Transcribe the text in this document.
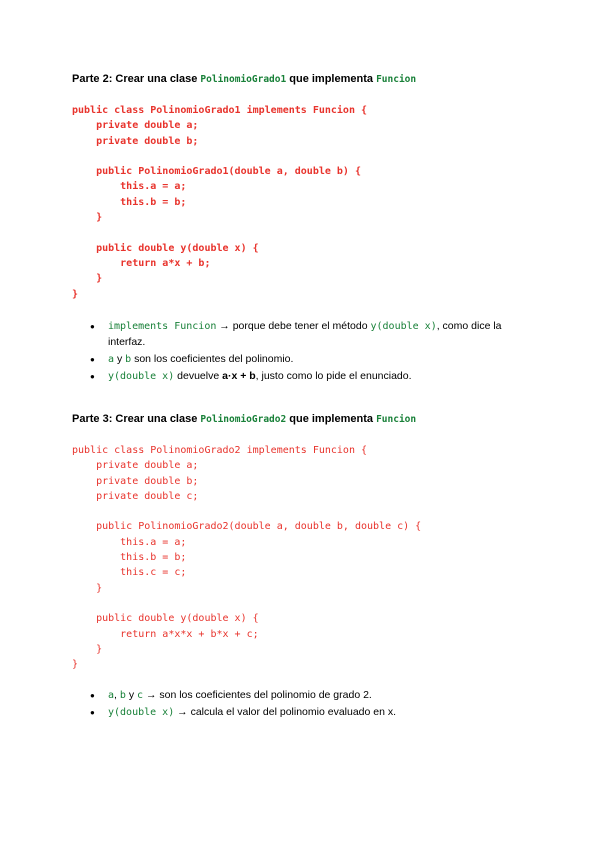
Parte 2: Crear una clase PolinomioGrado1 que implementa Funcion
public class PolinomioGrado1 implements Funcion {
private double a;
private double b;

public PolinomioGrado1(double a, double b) {
this.a = a;
this.b = b;
}

public double y(double x) {
return a*x + b;
}
}
● implements Funcion → porque debe tener el método y(double x), como dice la interfaz.
● a y b son los coeficientes del polinomio.
● y(double x) devuelve a·x + b, justo como lo pide el enunciado.
Parte 3: Crear una clase PolinomioGrado2 que implementa Funcion
public class PolinomioGrado2 implements Funcion {
private double a;
private double b;
private double c;

public PolinomioGrado2(double a, double b, double c) {
this.a = a;
this.b = b;
this.c = c;
}

public double y(double x) {
return a*x*x + b*x + c;
}
}
● a, b y c → son los coeficientes del polinomio de grado 2.
● y(double x) → calcula el valor del polinomio evaluado en x.
